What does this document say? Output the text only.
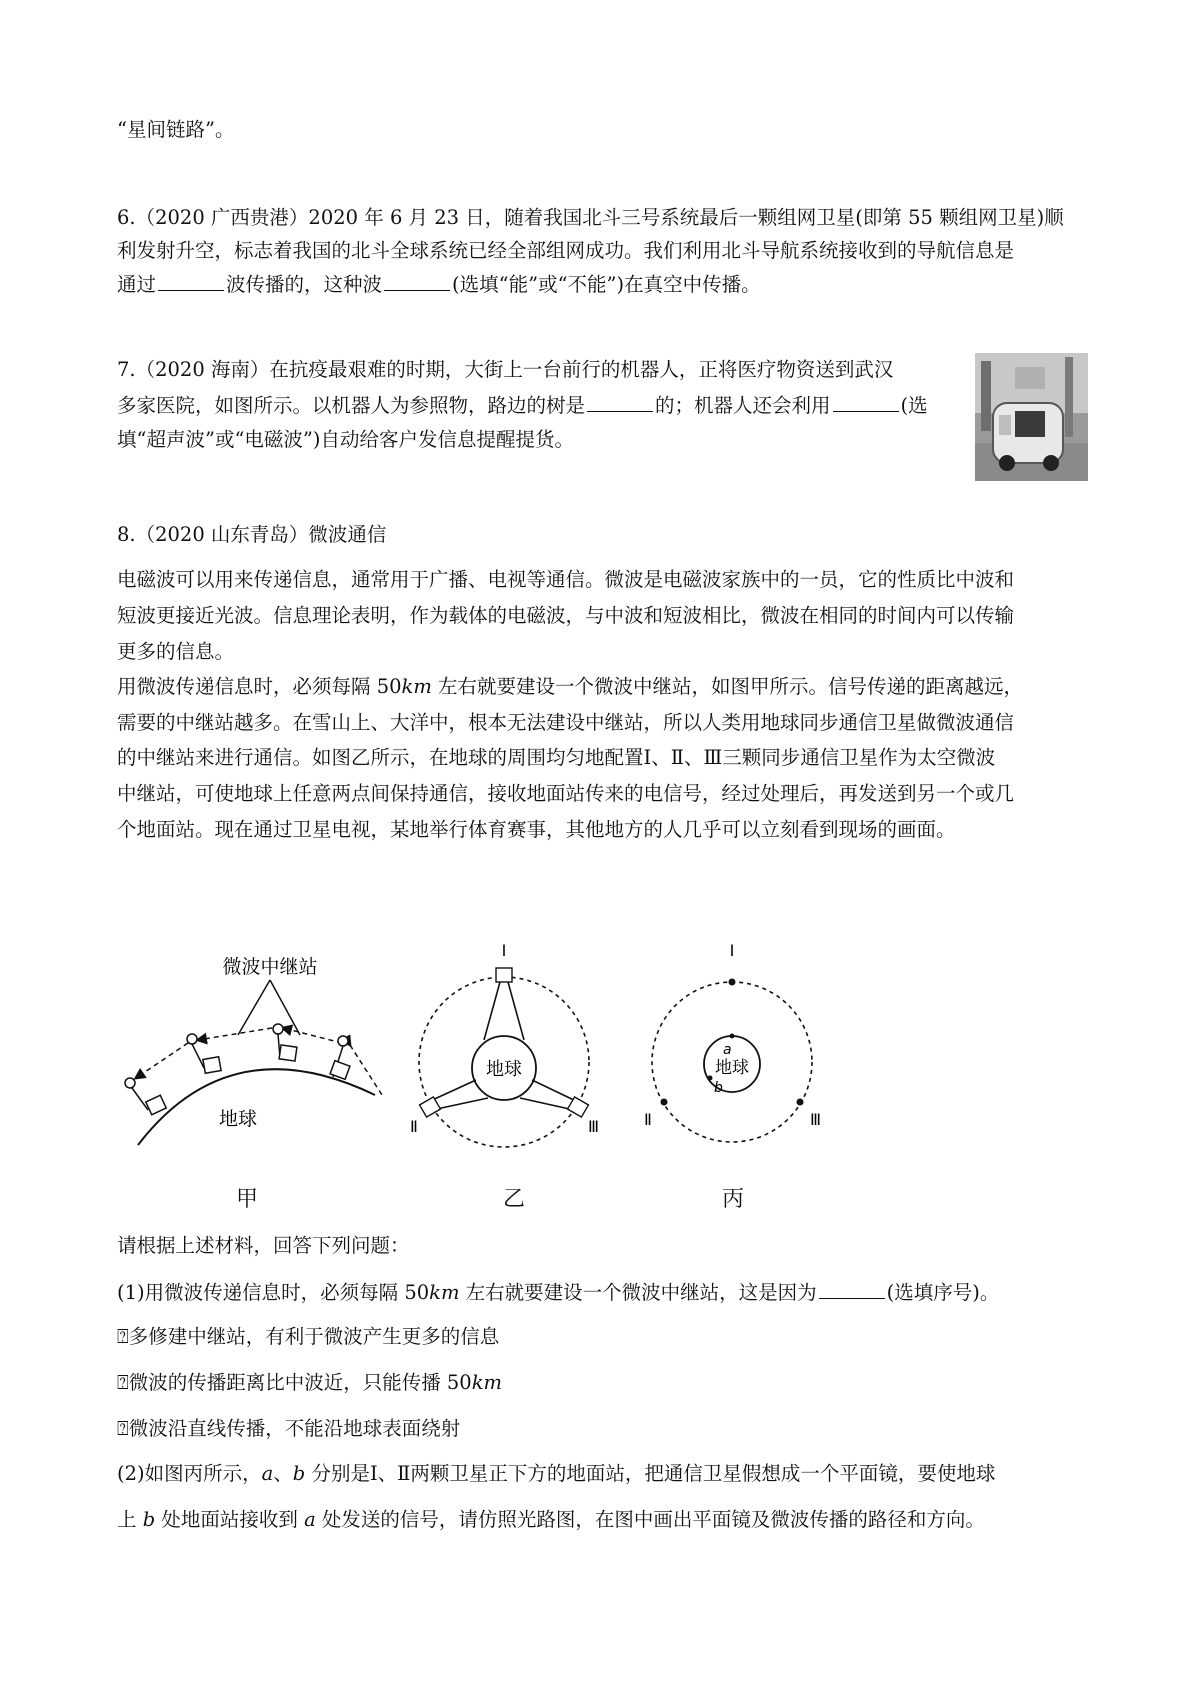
“星间链路”。
6.（2020 广西贵港）2020 年 6 月 23 日，随着我国北斗三号系统最后一颗组网卫星(即第 55 颗组网卫星)顺
利发射升空，标志着我国的北斗全球系统已经全部组网成功。我们利用北斗导航系统接收到的导航信息是
通过	波传播的，这种波	(选填“能”或“不能”)在真空中传播。
7.（2020 海南）在抗疫最艰难的时期，大街上一台前行的机器人，正将医疗物资送到武汉
多家医院，如图所示。以机器人为参照物，路边的树是	的；机器人还会利用	(选
填“超声波”或“电磁波”)自动给客户发信息提醒提货。
8.（2020 山东青岛）微波通信
电磁波可以用来传递信息，通常用于广播、电视等通信。微波是电磁波家族中的一员，它的性质比中波和
短波更接近光波。信息理论表明，作为载体的电磁波，与中波和短波相比，微波在相同的时间内可以传输
更多的信息。
用微波传递信息时，必须每隔 50km 左右就要建设一个微波中继站，如图甲所示。信号传递的距离越远，
需要的中继站越多。在雪山上、大洋中，根本无法建设中继站，所以人类用地球同步通信卫星做微波通信
的中继站来进行通信。如图乙所示，在地球的周围均匀地配置Ⅰ、Ⅱ、Ⅲ三颗同步通信卫星作为太空微波
中继站，可使地球上任意两点间保持通信，接收地面站传来的电信号，经过处理后，再发送到另一个或几
个地面站。现在通过卫星电视，某地举行体育赛事，其他地方的人几乎可以立刻看到现场的画面。
微波中继站
地球
甲
Ⅰ
地球
Ⅱ	Ⅲ
乙
Ⅰ
地球
a
b
Ⅱ	Ⅲ
丙
请根据上述材料，回答下列问题：
(1)用微波传递信息时，必须每隔 50km 左右就要建设一个微波中继站，这是因为	(选填序号)。
⍰多修建中继站，有利于微波产生更多的信息
⍰微波的传播距离比中波近，只能传播 50km
⍰微波沿直线传播，不能沿地球表面绕射
(2)如图丙所示，a、b 分别是Ⅰ、Ⅱ两颗卫星正下方的地面站，把通信卫星假想成一个平面镜，要使地球
上 b 处地面站接收到 a 处发送的信号，请仿照光路图，在图中画出平面镜及微波传播的路径和方向。
